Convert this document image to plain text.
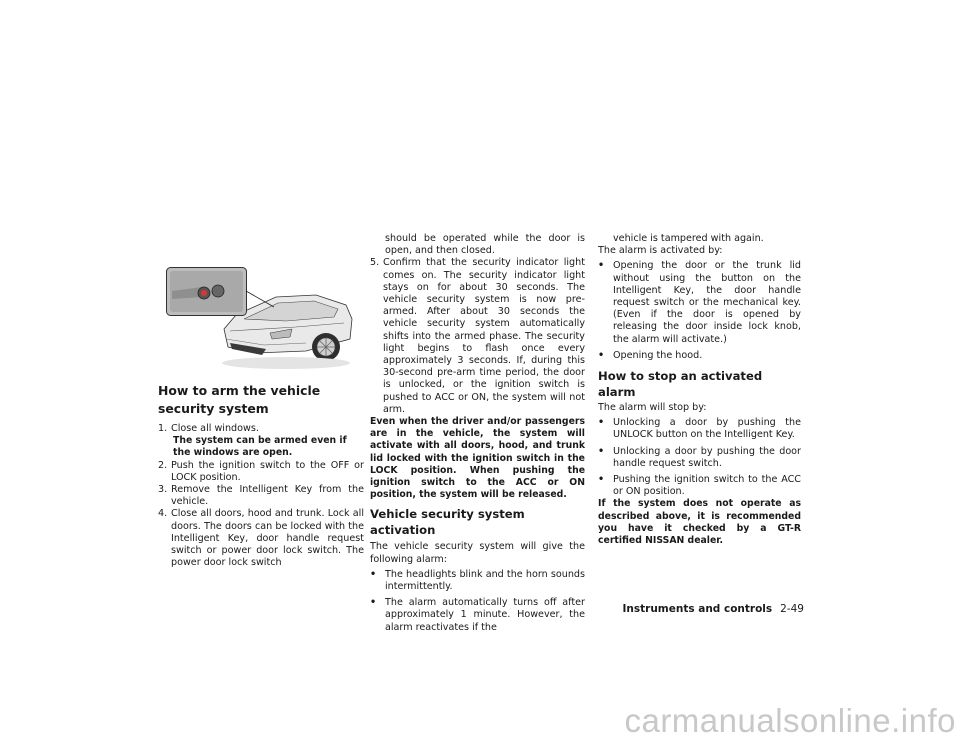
How to arm the vehicle security system
1. Close all windows.

The system can be armed even if the windows are open.

2. Push the ignition switch to the OFF or LOCK position.
3. Remove the Intelligent Key from the vehicle.
4. Close all doors, hood and trunk. Lock all doors. The doors can be locked with the Intelligent Key, door handle request switch or power door lock switch. The power door lock switch

should be operated while the door is open, and then closed.

5. Confirm that the security indicator light comes on. The security indicator light stays on for about 30 seconds. The vehicle security system is now pre-armed. After about 30 seconds the vehicle security system automatically shifts into the armed phase. The security light begins to flash once every approximately 3 seconds. If, during this 30-second pre-arm time period, the door is unlocked, or the ignition switch is pushed to ACC or ON, the system will not arm.

Even when the driver and/or passengers are in the vehicle, the system will activate with all doors, hood, and trunk lid locked with the ignition switch in the LOCK position. When pushing the ignition switch to the ACC or ON position, the system will be released.

Vehicle security system activation

The vehicle security system will give the following alarm:

• The headlights blink and the horn sounds intermittently.
• The alarm automatically turns off after approximately 1 minute. However, the alarm reactivates if the

vehicle is tampered with again.

The alarm is activated by:

• Opening the door or the trunk lid without using the button on the Intelligent Key, the door handle request switch or the mechanical key. (Even if the door is opened by releasing the door inside lock knob, the alarm will activate.)
• Opening the hood.
How to stop an activated alarm

The alarm will stop by:

• Unlocking a door by pushing the UNLOCK button on the Intelligent Key.
• Unlocking a door by pushing the door handle request switch.
• Pushing the ignition switch to the ACC or ON position.

If the system does not operate as described above, it is recommended you have it checked by a GT-R certified NISSAN dealer.

Instruments and controls 2-49
carmanualsonline.info
